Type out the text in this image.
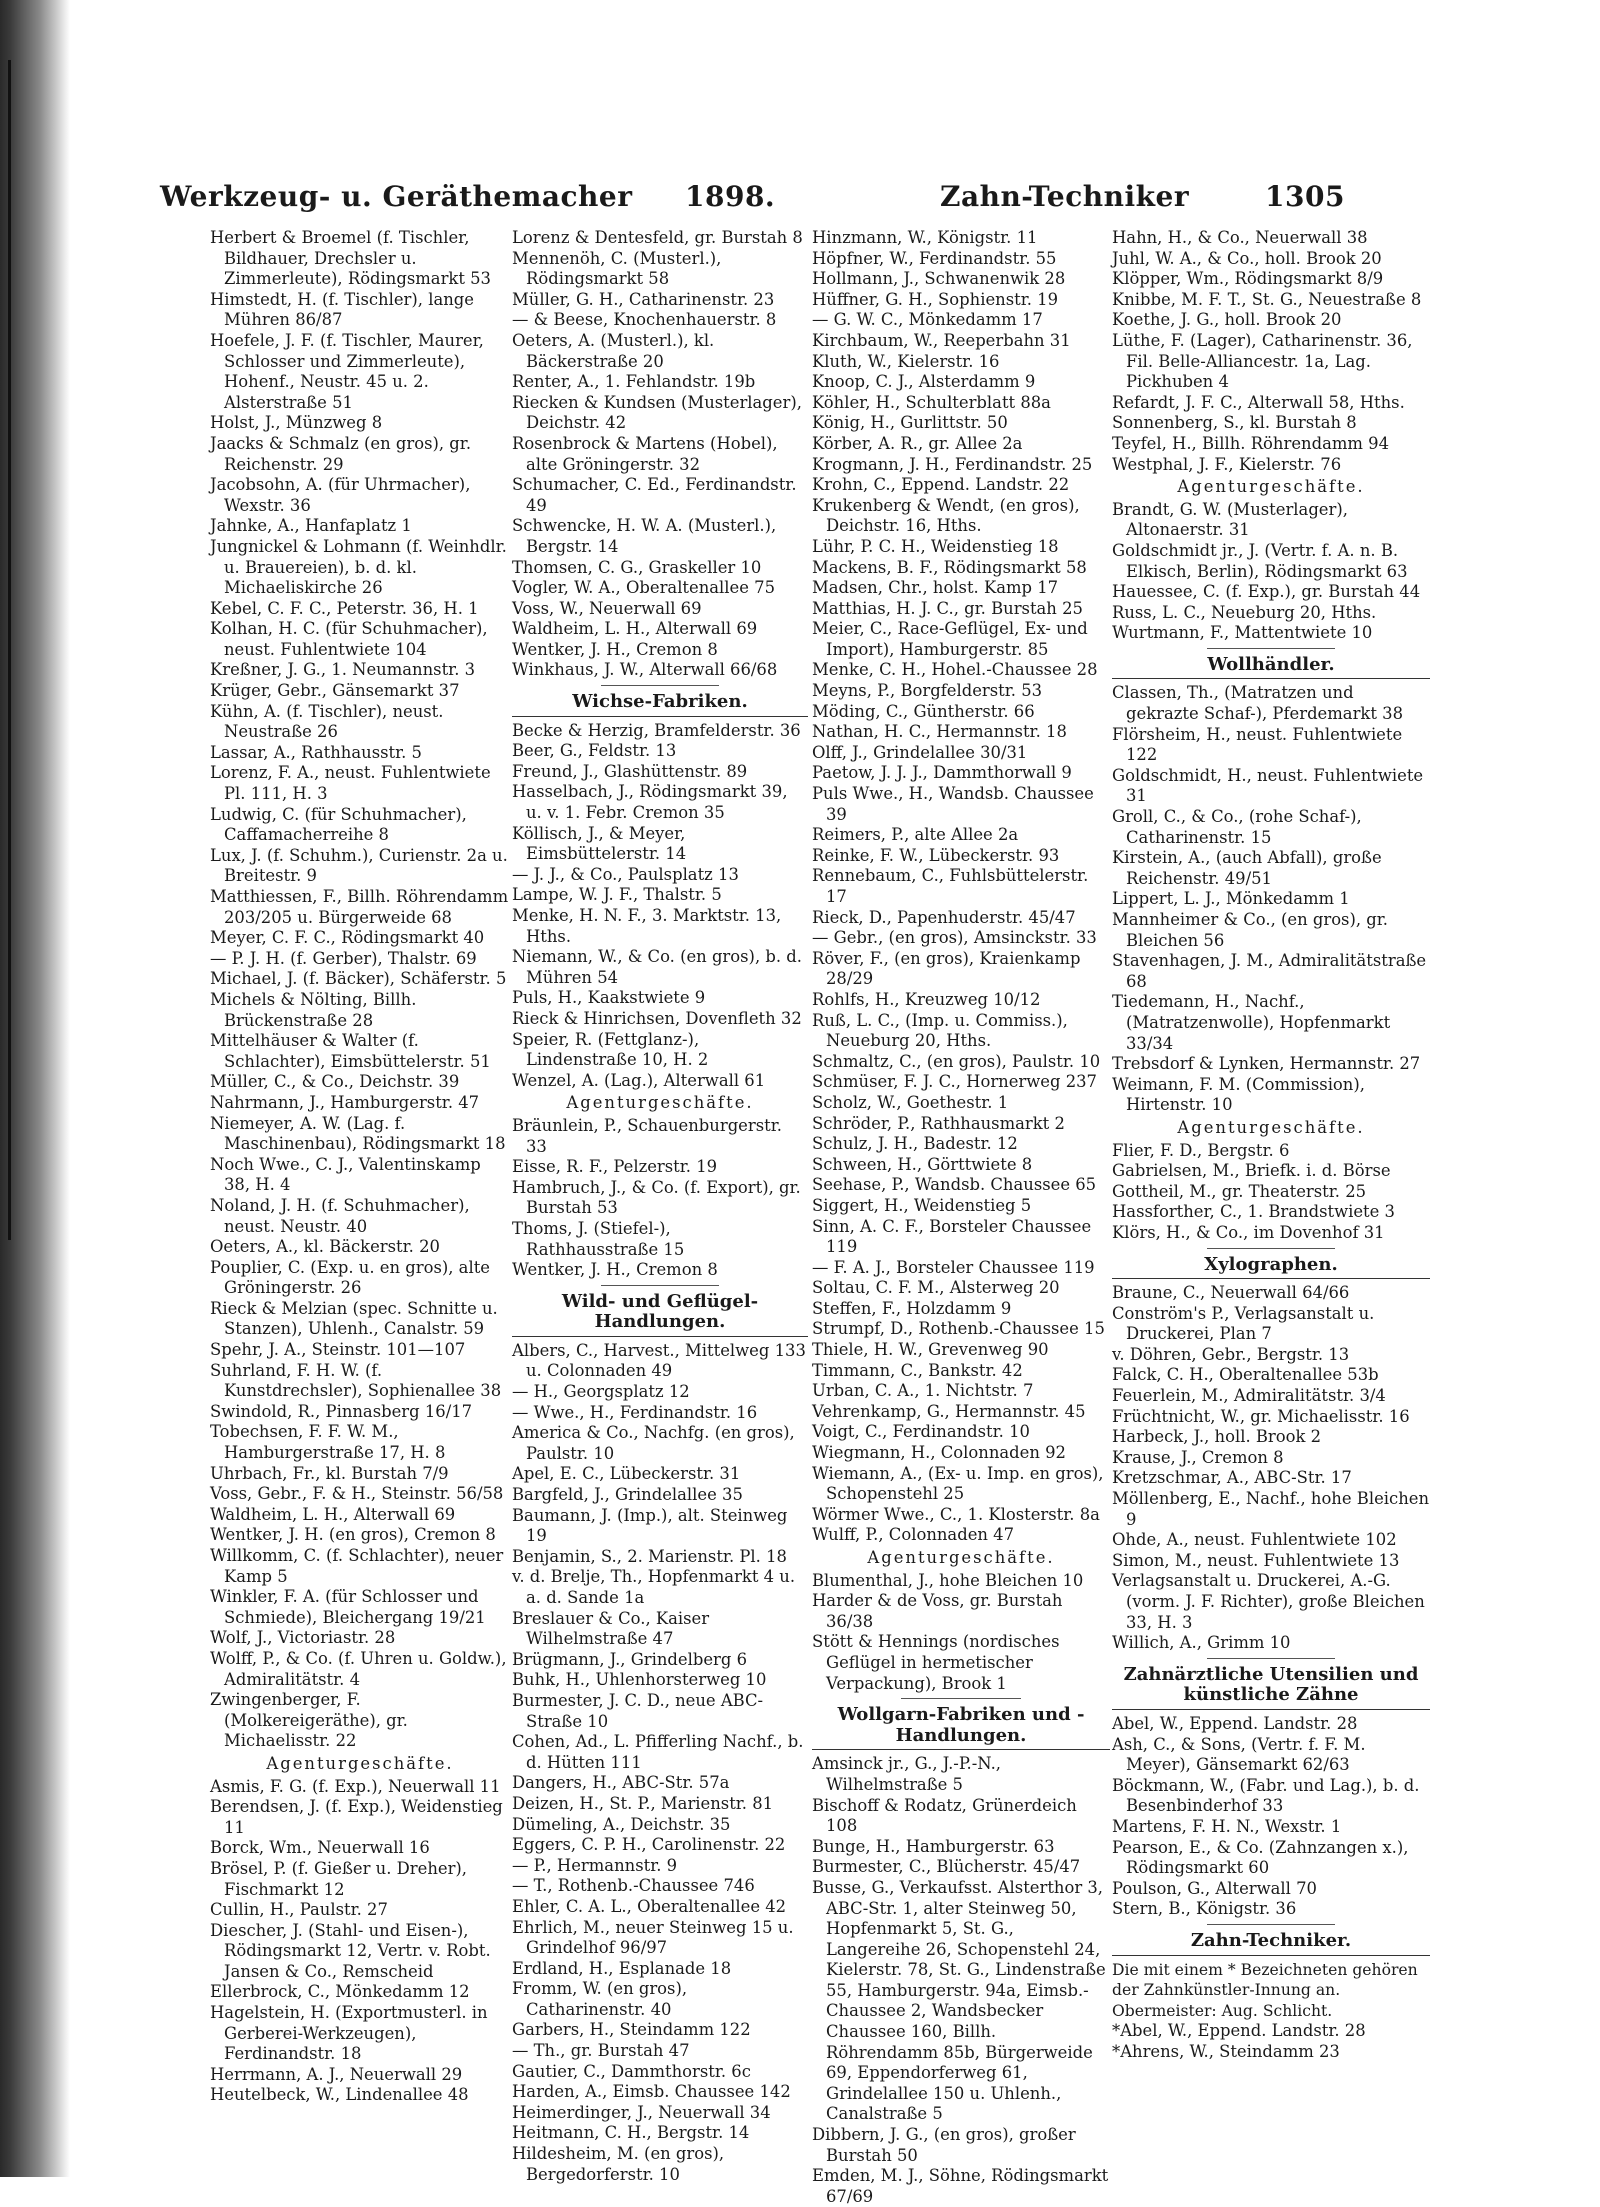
Werkzeug- u. Geräthemacher 1898.	Zahn-Techniker	1305
Herbert & Broemel (f. Tischler, Bildhauer, Drechsler u. Zimmerleute), Rödingsmarkt 53
Himstedt, H. (f. Tischler), lange Mühren 86/87
Hoefele, J. F. (f. Tischler, Maurer, Schlosser und Zimmerleute), Hohenf., Neustr. 45 u. 2. Alsterstraße 51
Holst, J., Münzweg 8
Jaacks & Schmalz (en gros), gr. Reichenstr. 29
Jacobsohn, A. (für Uhrmacher), Wexstr. 36
Jahnke, A., Hanfaplatz 1
Jungnickel & Lohmann (f. Weinhdlr. u. Brauereien), b. d. kl. Michaeliskirche 26
Kebel, C. F. C., Peterstr. 36, H. 1
Kolhan, H. C. (für Schuhmacher), neust. Fuhlentwiete 104
Kreßner, J. G., 1. Neumannstr. 3
Krüger, Gebr., Gänsemarkt 37
Kühn, A. (f. Tischler), neust. Neustraße 26
Lassar, A., Rathhausstr. 5
Lorenz, F. A., neust. Fuhlentwiete Pl. 111, H. 3
Ludwig, C. (für Schuhmacher), Caffamacherreihe 8
Lux, J. (f. Schuhm.), Curienstr. 2a u. Breitestr. 9
Matthiessen, F., Billh. Röhrendamm 203/205 u. Bürgerweide 68
Meyer, C. F. C., Rödingsmarkt 40
— P. J. H. (f. Gerber), Thalstr. 69
Michael, J. (f. Bäcker), Schäferstr. 5
Michels & Nölting, Billh. Brückenstraße 28
Mittelhäuser & Walter (f. Schlachter), Eimsbüttelerstr. 51
Müller, C., & Co., Deichstr. 39
Nahrmann, J., Hamburgerstr. 47
Niemeyer, A. W. (Lag. f. Maschinenbau), Rödingsmarkt 18
Noch Wwe., C. J., Valentinskamp 38, H. 4
Noland, J. H. (f. Schuhmacher), neust. Neustr. 40
Oeters, A., kl. Bäckerstr. 20
Pouplier, C. (Exp. u. en gros), alte Gröningerstr. 26
Rieck & Melzian (spec. Schnitte u. Stanzen), Uhlenh., Canalstr. 59
Spehr, J. A., Steinstr. 101—107
Suhrland, F. H. W. (f. Kunstdrechsler), Sophienallee 38
Swindold, R., Pinnasberg 16/17
Tobechsen, F. F. W. M., Hamburgerstraße 17, H. 8
Uhrbach, Fr., kl. Burstah 7/9
Voss, Gebr., F. & H., Steinstr. 56/58
Waldheim, L. H., Alterwall 69
Wentker, J. H. (en gros), Cremon 8
Willkomm, C. (f. Schlachter), neuer Kamp 5
Winkler, F. A. (für Schlosser und Schmiede), Bleichergang 19/21
Wolf, J., Victoriastr. 28
Wolff, P., & Co. (f. Uhren u. Goldw.), Admiralitätstr. 4
Zwingenberger, F. (Molkereigeräthe), gr. Michaelisstr. 22
Agenturgeschäfte.
Asmis, F. G. (f. Exp.), Neuerwall 11
Berendsen, J. (f. Exp.), Weidenstieg 11
Borck, Wm., Neuerwall 16
Brösel, P. (f. Gießer u. Dreher), Fischmarkt 12
Cullin, H., Paulstr. 27
Diescher, J. (Stahl- und Eisen-), Rödingsmarkt 12, Vertr. v. Robt. Jansen & Co., Remscheid
Ellerbrock, C., Mönkedamm 12
Hagelstein, H. (Exportmusterl. in Gerberei-Werkzeugen), Ferdinandstr. 18
Herrmann, A. J., Neuerwall 29
Heutelbeck, W., Lindenallee 48
Lorenz & Dentesfeld, gr. Burstah 8
Mennenöh, C. (Musterl.), Rödingsmarkt 58
Müller, G. H., Catharinenstr. 23
— & Beese, Knochenhauerstr. 8
Oeters, A. (Musterl.), kl. Bäckerstraße 20
Renter, A., 1. Fehlandstr. 19b
Riecken & Kundsen (Musterlager), Deichstr. 42
Rosenbrock & Martens (Hobel), alte Gröningerstr. 32
Schumacher, C. Ed., Ferdinandstr. 49
Schwencke, H. W. A. (Musterl.), Bergstr. 14
Thomsen, C. G., Graskeller 10
Vogler, W. A., Oberaltenallee 75
Voss, W., Neuerwall 69
Waldheim, L. H., Alterwall 69
Wentker, J. H., Cremon 8
Winkhaus, J. W., Alterwall 66/68
Wichse-Fabriken.
Becke & Herzig, Bramfelderstr. 36
Beer, G., Feldstr. 13
Freund, J., Glashüttenstr. 89
Hasselbach, J., Rödingsmarkt 39, u. v. 1. Febr. Cremon 35
Köllisch, J., & Meyer, Eimsbüttelerstr. 14
— J. J., & Co., Paulsplatz 13
Lampe, W. J. F., Thalstr. 5
Menke, H. N. F., 3. Marktstr. 13, Hths.
Niemann, W., & Co. (en gros), b. d. Mühren 54
Puls, H., Kaakstwiete 9
Rieck & Hinrichsen, Dovenfleth 32
Speier, R. (Fettglanz-), Lindenstraße 10, H. 2
Wenzel, A. (Lag.), Alterwall 61
Agenturgeschäfte.
Bräunlein, P., Schauenburgerstr. 33
Eisse, R. F., Pelzerstr. 19
Hambruch, J., & Co. (f. Export), gr. Burstah 53
Thoms, J. (Stiefel-), Rathhausstraße 15
Wentker, J. H., Cremon 8
Wild- und Geflügel-Handlungen.
Albers, C., Harvest., Mittelweg 133 u. Colonnaden 49
— H., Georgsplatz 12
— Wwe., H., Ferdinandstr. 16
America & Co., Nachfg. (en gros), Paulstr. 10
Apel, E. C., Lübeckerstr. 31
Bargfeld, J., Grindelallee 35
Baumann, J. (Imp.), alt. Steinweg 19
Benjamin, S., 2. Marienstr. Pl. 18
v. d. Brelje, Th., Hopfenmarkt 4 u. a. d. Sande 1a
Breslauer & Co., Kaiser Wilhelmstraße 47
Brügmann, J., Grindelberg 6
Buhk, H., Uhlenhorsterweg 10
Burmester, J. C. D., neue ABC-Straße 10
Cohen, Ad., L. Pfifferling Nachf., b. d. Hütten 111
Dangers, H., ABC-Str. 57a
Deizen, H., St. P., Marienstr. 81
Dümeling, A., Deichstr. 35
Eggers, C. P. H., Carolinenstr. 22
— P., Hermannstr. 9
— T., Rothenb.-Chaussee 746
Ehler, C. A. L., Oberaltenallee 42
Ehrlich, M., neuer Steinweg 15 u. Grindelhof 96/97
Erdland, H., Esplanade 18
Fromm, W. (en gros), Catharinenstr. 40
Garbers, H., Steindamm 122
— Th., gr. Burstah 47
Gautier, C., Dammthorstr. 6c
Harden, A., Eimsb. Chaussee 142
Heimerdinger, J., Neuerwall 34
Heitmann, C. H., Bergstr. 14
Hildesheim, M. (en gros), Bergedorferstr. 10
Hinzmann, W., Königstr. 11
Höpfner, W., Ferdinandstr. 55
Hollmann, J., Schwanenwik 28
Hüffner, G. H., Sophienstr. 19
— G. W. C., Mönkedamm 17
Kirchbaum, W., Reeperbahn 31
Kluth, W., Kielerstr. 16
Knoop, C. J., Alsterdamm 9
Köhler, H., Schulterblatt 88a
König, H., Gurlittstr. 50
Körber, A. R., gr. Allee 2a
Krogmann, J. H., Ferdinandstr. 25
Krohn, C., Eppend. Landstr. 22
Krukenberg & Wendt, (en gros), Deichstr. 16, Hths.
Lühr, P. C. H., Weidenstieg 18
Mackens, B. F., Rödingsmarkt 58
Madsen, Chr., holst. Kamp 17
Matthias, H. J. C., gr. Burstah 25
Meier, C., Race-Geflügel, Ex- und Import), Hamburgerstr. 85
Menke, C. H., Hohel.-Chaussee 28
Meyns, P., Borgfelderstr. 53
Möding, C., Güntherstr. 66
Nathan, H. C., Hermannstr. 18
Olff, J., Grindelallee 30/31
Paetow, J. J. J., Dammthorwall 9
Puls Wwe., H., Wandsb. Chaussee 39
Reimers, P., alte Allee 2a
Reinke, F. W., Lübeckerstr. 93
Rennebaum, C., Fuhlsbüttelerstr. 17
Rieck, D., Papenhuderstr. 45/47
— Gebr., (en gros), Amsinckstr. 33
Röver, F., (en gros), Kraienkamp 28/29
Rohlfs, H., Kreuzweg 10/12
Ruß, L. C., (Imp. u. Commiss.), Neueburg 20, Hths.
Schmaltz, C., (en gros), Paulstr. 10
Schmüser, F. J. C., Hornerweg 237
Scholz, W., Goethestr. 1
Schröder, P., Rathhausmarkt 2
Schulz, J. H., Badestr. 12
Schween, H., Görttwiete 8
Seehase, P., Wandsb. Chaussee 65
Siggert, H., Weidenstieg 5
Sinn, A. C. F., Borsteler Chaussee 119
— F. A. J., Borsteler Chaussee 119
Soltau, C. F. M., Alsterweg 20
Steffen, F., Holzdamm 9
Strumpf, D., Rothenb.-Chaussee 15
Thiele, H. W., Grevenweg 90
Timmann, C., Bankstr. 42
Urban, C. A., 1. Nichtstr. 7
Vehrenkamp, G., Hermannstr. 45
Voigt, C., Ferdinandstr. 10
Wiegmann, H., Colonnaden 92
Wiemann, A., (Ex- u. Imp. en gros), Schopenstehl 25
Wörmer Wwe., C., 1. Klosterstr. 8a
Wulff, P., Colonnaden 47
Agenturgeschäfte.
Blumenthal, J., hohe Bleichen 10
Harder & de Voss, gr. Burstah 36/38
Stött & Hennings (nordisches Geflügel in hermetischer Verpackung), Brook 1
Wollgarn-Fabriken und -Handlungen.
Amsinck jr., G., J.-P.-N., Wilhelmstraße 5
Bischoff & Rodatz, Grünerdeich 108
Bunge, H., Hamburgerstr. 63
Burmester, C., Blücherstr. 45/47
Busse, G., Verkaufsst. Alsterthor 3, ABC-Str. 1, alter Steinweg 50, Hopfenmarkt 5, St. G., Langereihe 26, Schopenstehl 24, Kielerstr. 78, St. G., Lindenstraße 55, Hamburgerstr. 94a, Eimsb.-Chaussee 2, Wandsbecker Chaussee 160, Billh. Röhrendamm 85b, Bürgerweide 69, Eppendorferweg 61, Grindelallee 150 u. Uhlenh., Canalstraße 5
Dibbern, J. G., (en gros), großer Burstah 50
Emden, M. J., Söhne, Rödingsmarkt 67/69
Hahn, H., & Co., Neuerwall 38
Juhl, W. A., & Co., holl. Brook 20
Klöpper, Wm., Rödingsmarkt 8/9
Knibbe, M. F. T., St. G., Neuestraße 8
Koethe, J. G., holl. Brook 20
Lüthe, F. (Lager), Catharinenstr. 36, Fil. Belle-Alliancestr. 1a, Lag. Pickhuben 4
Refardt, J. F. C., Alterwall 58, Hths.
Sonnenberg, S., kl. Burstah 8
Teyfel, H., Billh. Röhrendamm 94
Westphal, J. F., Kielerstr. 76
Agenturgeschäfte.
Brandt, G. W. (Musterlager), Altonaerstr. 31
Goldschmidt jr., J. (Vertr. f. A. n. B. Elkisch, Berlin), Rödingsmarkt 63
Hauessee, C. (f. Exp.), gr. Burstah 44
Russ, L. C., Neueburg 20, Hths.
Wurtmann, F., Mattentwiete 10
Wollhändler.
Classen, Th., (Matratzen und gekrazte Schaf-), Pferdemarkt 38
Flörsheim, H., neust. Fuhlentwiete 122
Goldschmidt, H., neust. Fuhlentwiete 31
Groll, C., & Co., (rohe Schaf-), Catharinenstr. 15
Kirstein, A., (auch Abfall), große Reichenstr. 49/51
Lippert, L. J., Mönkedamm 1
Mannheimer & Co., (en gros), gr. Bleichen 56
Stavenhagen, J. M., Admiralitätstraße 68
Tiedemann, H., Nachf., (Matratzenwolle), Hopfenmarkt 33/34
Trebsdorf & Lynken, Hermannstr. 27
Weimann, F. M. (Commission), Hirtenstr. 10
Agenturgeschäfte.
Flier, F. D., Bergstr. 6
Gabrielsen, M., Briefk. i. d. Börse
Gottheil, M., gr. Theaterstr. 25
Hassforther, C., 1. Brandstwiete 3
Klörs, H., & Co., im Dovenhof 31
Xylographen.
Braune, C., Neuerwall 64/66
Conström's P., Verlagsanstalt u. Druckerei, Plan 7
v. Döhren, Gebr., Bergstr. 13
Falck, C. H., Oberaltenallee 53b
Feuerlein, M., Admiralitätstr. 3/4
Früchtnicht, W., gr. Michaelisstr. 16
Harbeck, J., holl. Brook 2
Krause, J., Cremon 8
Kretzschmar, A., ABC-Str. 17
Möllenberg, E., Nachf., hohe Bleichen 9
Ohde, A., neust. Fuhlentwiete 102
Simon, M., neust. Fuhlentwiete 13
Verlagsanstalt u. Druckerei, A.-G. (vorm. J. F. Richter), große Bleichen 33, H. 3
Willich, A., Grimm 10
Zahnärztliche Utensilien und künstliche Zähne
Abel, W., Eppend. Landstr. 28
Ash, C., & Sons, (Vertr. f. F. M. Meyer), Gänsemarkt 62/63
Böckmann, W., (Fabr. und Lag.), b. d. Besenbinderhof 33
Martens, F. H. N., Wexstr. 1
Pearson, E., & Co. (Zahnzangen x.), Rödingsmarkt 60
Poulson, G., Alterwall 70
Stern, B., Königstr. 36
Zahn-Techniker.
Die mit einem * Bezeichneten gehören der Zahnkünstler-Innung an. Obermeister: Aug. Schlicht.
*Abel, W., Eppend. Landstr. 28
*Ahrens, W., Steindamm 23
